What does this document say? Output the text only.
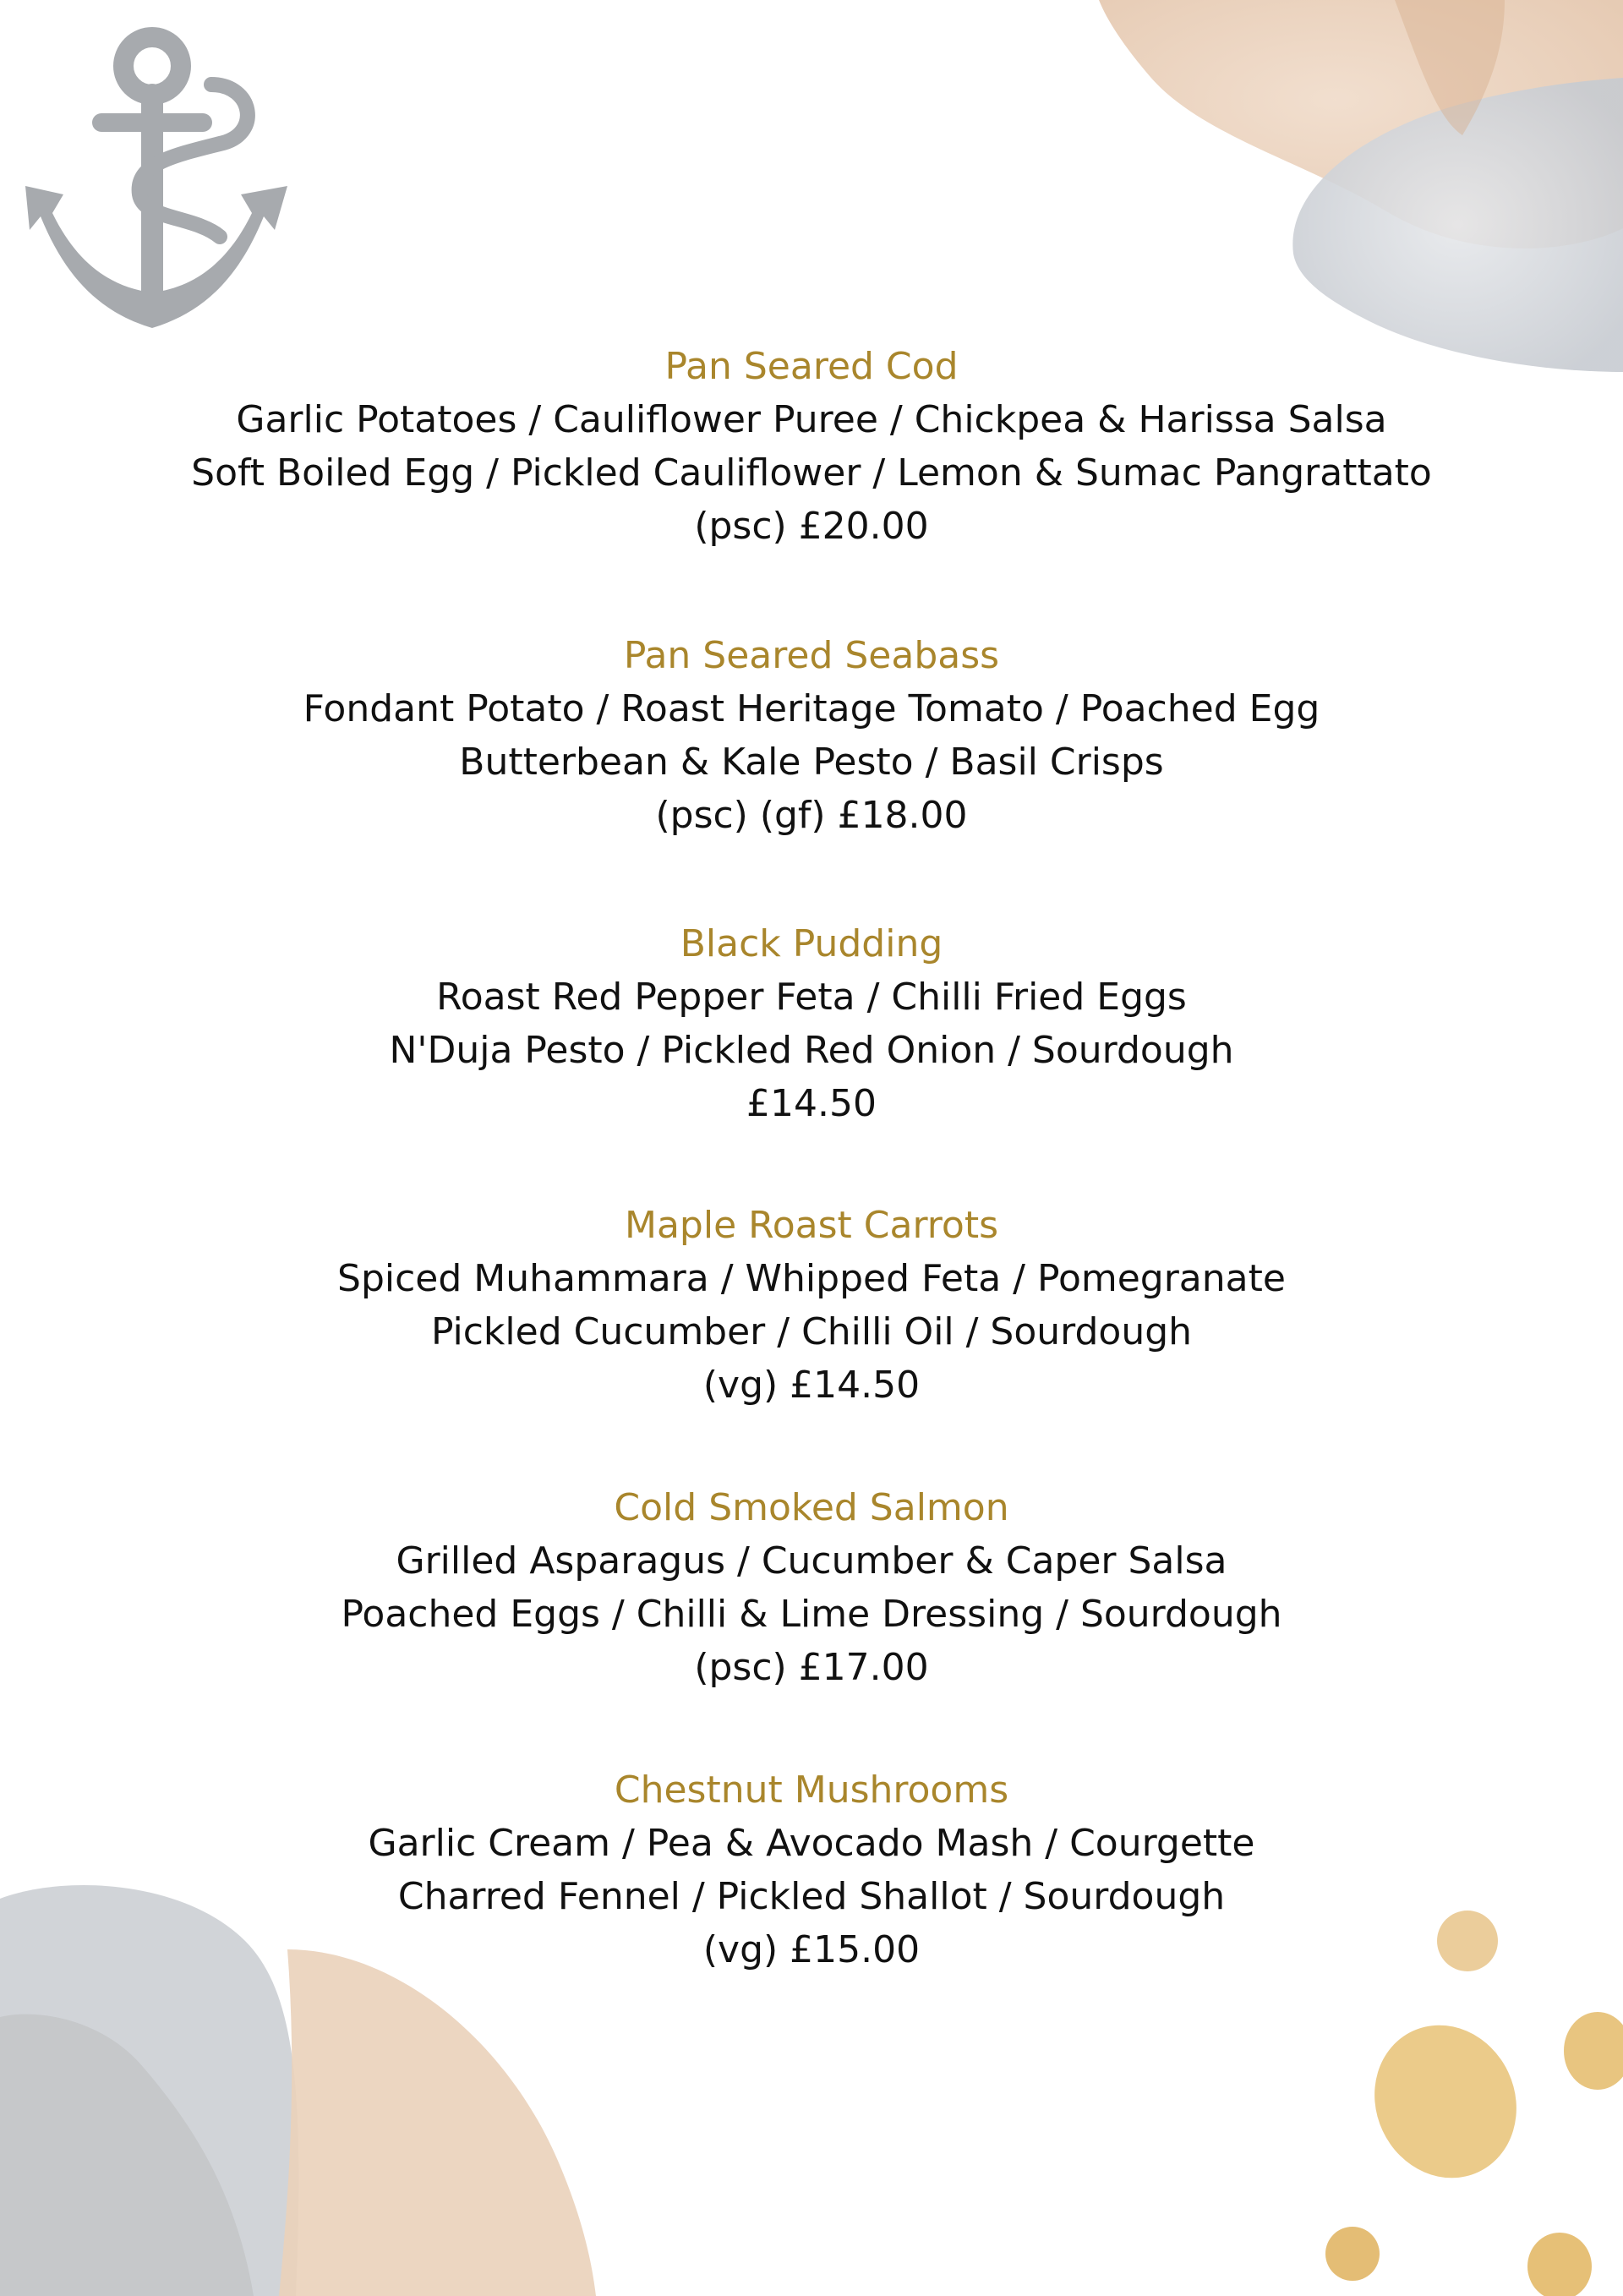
Pan Seared Cod

Garlic Potatoes / Cauliflower Puree / Chickpea & Harissa Salsa

Soft Boiled Egg / Pickled Cauliflower / Lemon & Sumac Pangrattato

(psc) £20.00

Pan Seared Seabass

Fondant Potato / Roast Heritage Tomato / Poached Egg

Butterbean & Kale Pesto / Basil Crisps

(psc) (gf) £18.00

Black Pudding

Roast Red Pepper Feta / Chilli Fried Eggs

N'Duja Pesto / Pickled Red Onion / Sourdough

£14.50

Maple Roast Carrots

Spiced Muhammara / Whipped Feta / Pomegranate

Pickled Cucumber / Chilli Oil / Sourdough

(vg) £14.50

Cold Smoked Salmon

Grilled Asparagus / Cucumber & Caper Salsa

Poached Eggs / Chilli & Lime Dressing / Sourdough

(psc) £17.00

Chestnut Mushrooms

Garlic Cream / Pea & Avocado Mash / Courgette

Charred Fennel / Pickled Shallot / Sourdough

(vg) £15.00
